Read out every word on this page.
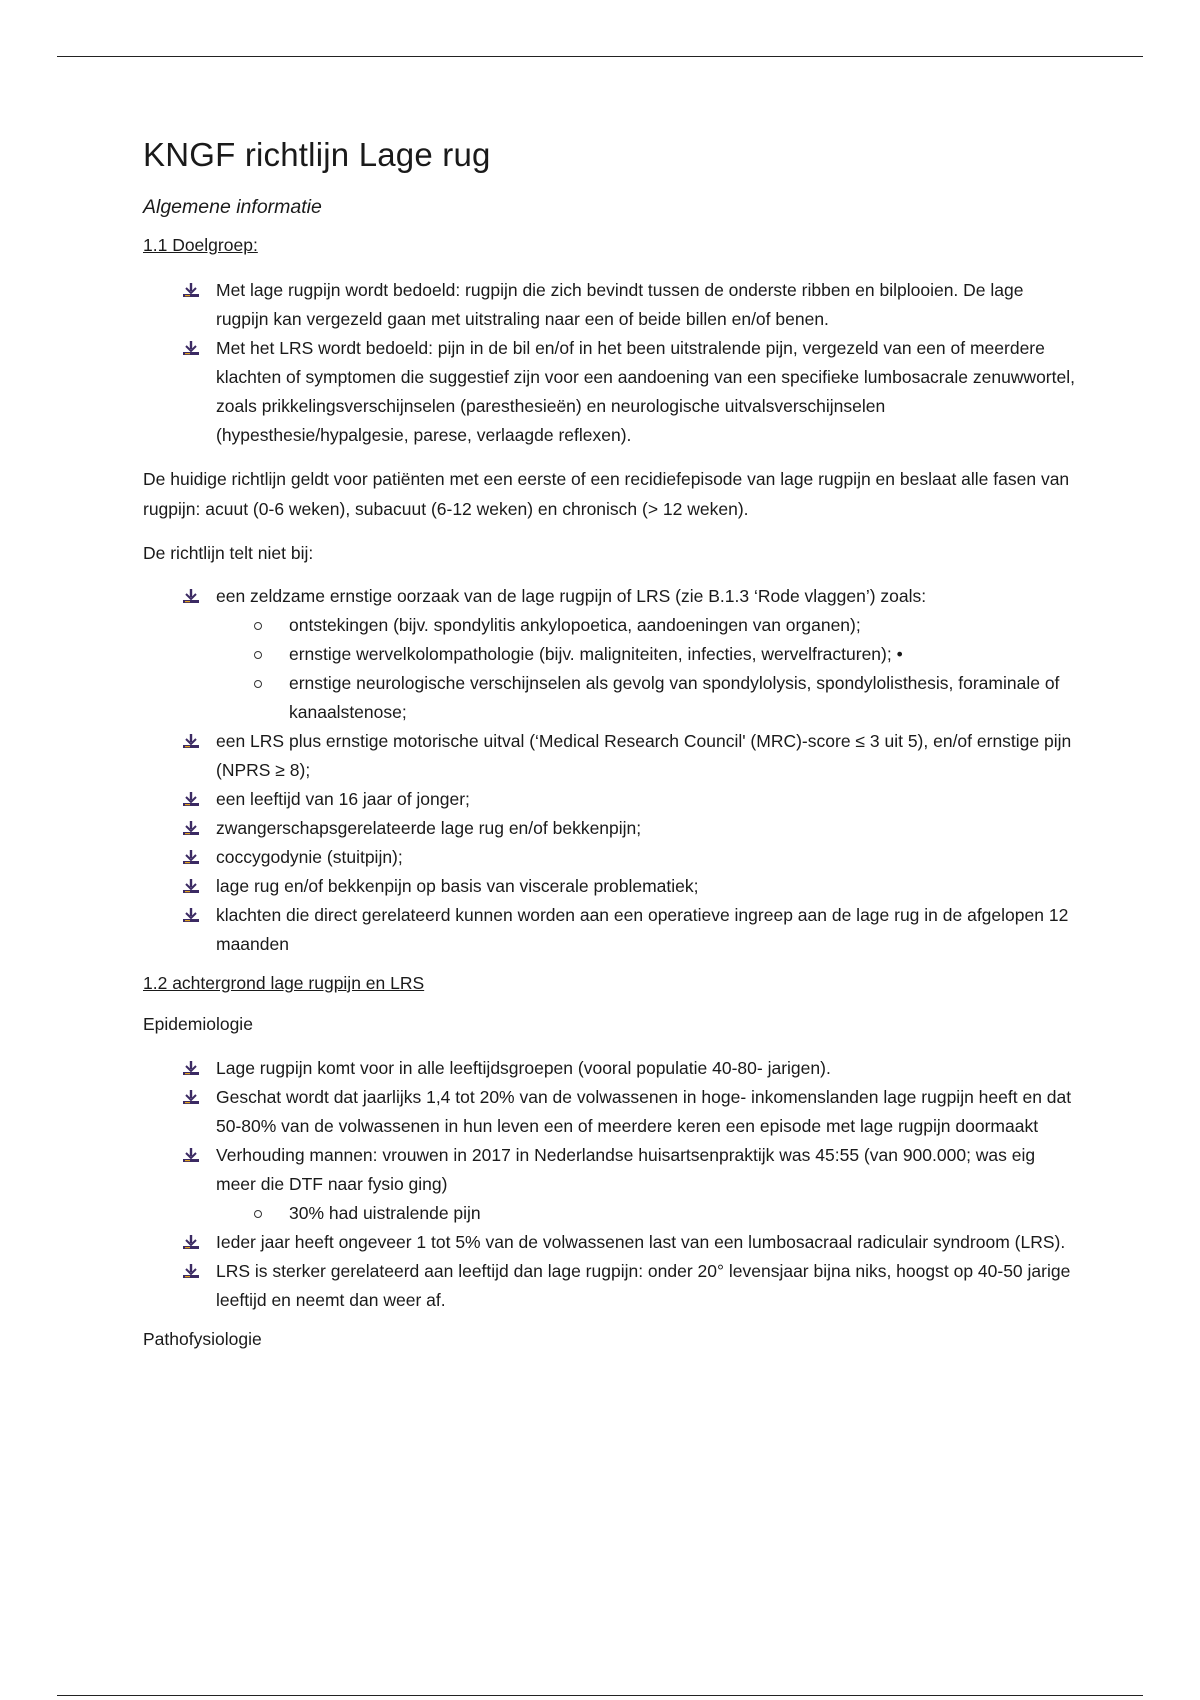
KNGF richtlijn Lage rug
Algemene informatie
1.1 Doelgroep:
Met lage rugpijn wordt bedoeld: rugpijn die zich bevindt tussen de onderste ribben en bilplooien. De lage rugpijn kan vergezeld gaan met uitstraling naar een of beide billen en/of benen.
Met het LRS wordt bedoeld: pijn in de bil en/of in het been uitstralende pijn, vergezeld van een of meerdere klachten of symptomen die suggestief zijn voor een aandoening van een specifieke lumbosacrale zenuwwortel, zoals prikkelingsverschijnselen (paresthesieën) en neurologische uitvalsverschijnselen (hypesthesie/hypalgesie, parese, verlaagde reflexen).

De huidige richtlijn geldt voor patiënten met een eerste of een recidiefepisode van lage rugpijn en beslaat alle fasen van rugpijn: acuut (0-6 weken), subacuut (6-12 weken) en chronisch (> 12 weken).

De richtlijn telt niet bij:

een zeldzame ernstige oorzaak van de lage rugpijn of LRS (zie B.1.3 ‘Rode vlaggen’) zoals:
ontstekingen (bijv. spondylitis ankylopoetica, aandoeningen van organen);
ernstige wervelkolompathologie (bijv. maligniteiten, infecties, wervelfracturen); •
ernstige neurologische verschijnselen als gevolg van spondylolysis, spondylolisthesis, foraminale of kanaalstenose;
een LRS plus ernstige motorische uitval (‘Medical Research Council' (MRC)-score ≤ 3 uit 5), en/of ernstige pijn (NPRS ≥ 8);
een leeftijd van 16 jaar of jonger;
zwangerschapsgerelateerde lage rug en/of bekkenpijn;
coccygodynie (stuitpijn);
lage rug en/of bekkenpijn op basis van viscerale problematiek;
klachten die direct gerelateerd kunnen worden aan een operatieve ingreep aan de lage rug in de afgelopen 12 maanden
1.2 achtergrond lage rugpijn en LRS
Epidemiologie
Lage rugpijn komt voor in alle leeftijdsgroepen (vooral populatie 40-80- jarigen).
Geschat wordt dat jaarlijks 1,4 tot 20% van de volwassenen in hoge- inkomenslanden lage rugpijn heeft en dat 50-80% van de volwassenen in hun leven een of meerdere keren een episode met lage rugpijn doormaakt
Verhouding mannen: vrouwen in 2017 in Nederlandse huisartsenpraktijk was 45:55 (van 900.000; was eig meer die DTF naar fysio ging)
30% had uistralende pijn
Ieder jaar heeft ongeveer 1 tot 5% van de volwassenen last van een lumbosacraal radiculair syndroom (LRS).
LRS is sterker gerelateerd aan leeftijd dan lage rugpijn: onder 20° levensjaar bijna niks, hoogst op 40-50 jarige leeftijd en neemt dan weer af.
Pathofysiologie
